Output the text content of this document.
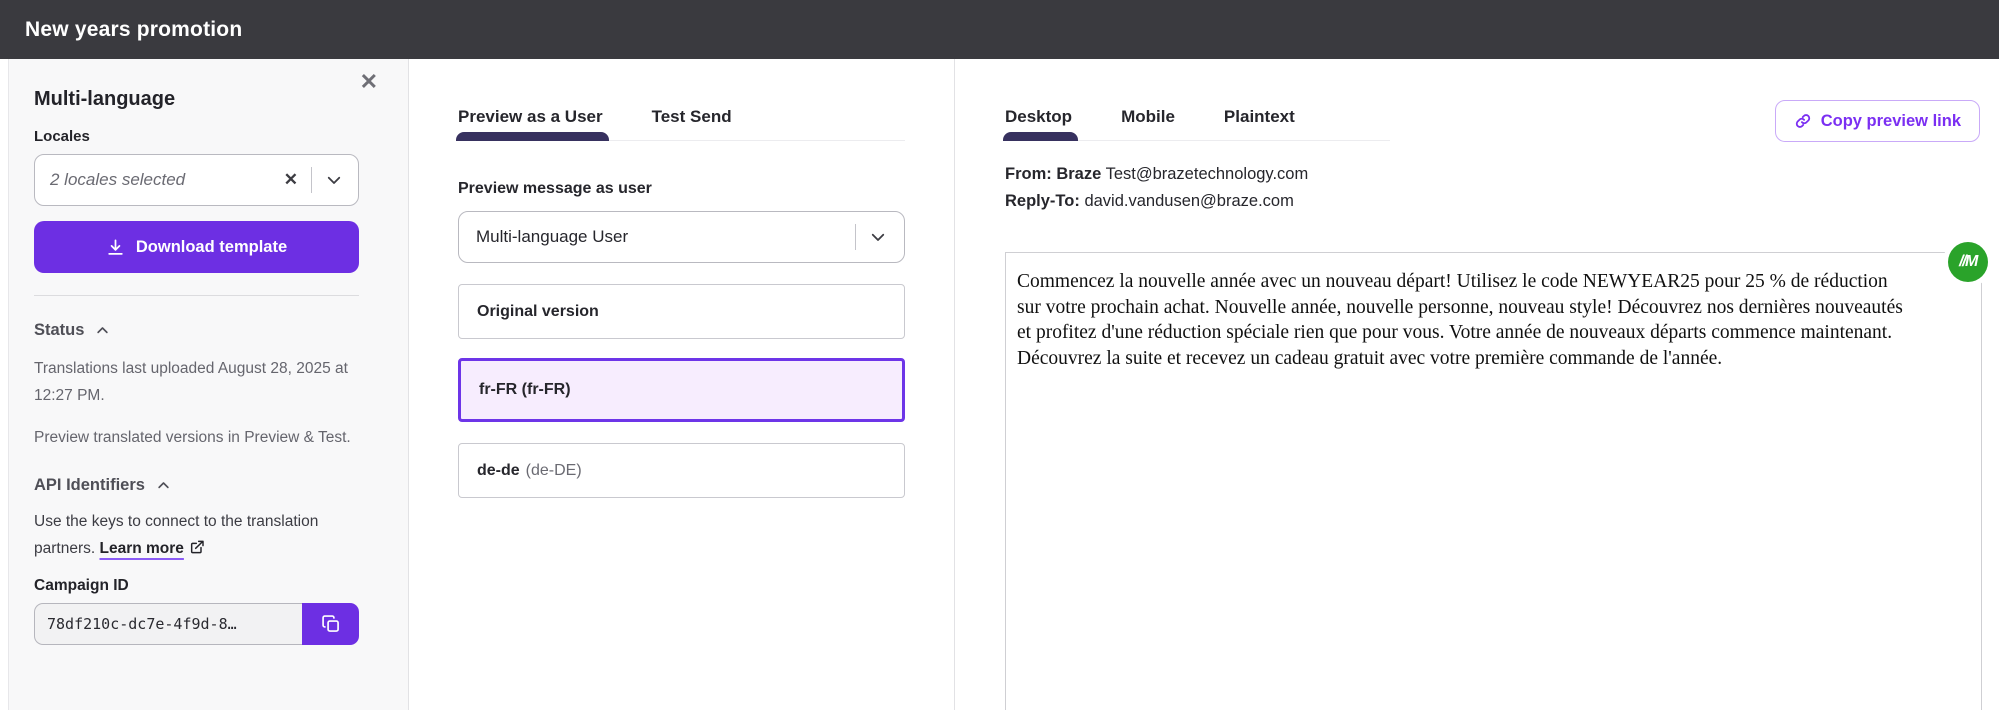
New years promotion
✕
Multi-language
Locales
2 locales selected	✕
Download template
Status

Translations last uploaded August 28, 2025 at 12:27 PM.

Preview translated versions in Preview & Test.

API Identifiers

Use the keys to connect to the translation partners. Learn more

Campaign ID
78df210c-dc7e-4f9d-8…
Preview as a User	Test Send
Preview message as user
Multi-language User
Original version
fr-FR (fr-FR)
de-de (de-DE)
Desktop	Mobile	Plaintext	Copy preview link
From: Braze Test@brazetechnology.com
Reply-To: david.vandusen@braze.com

Commencez la nouvelle année avec un nouveau départ! Utilisez le code NEWYEAR25 pour 25 % de réduction sur votre prochain achat. Nouvelle année, nouvelle personne, nouveau style! Découvrez nos dernières nouveautés et profitez d'une réduction spéciale rien que pour vous. Votre année de nouveaux départs commence maintenant. Découvrez la suite et recevez un cadeau gratuit avec votre première commande de l'année.

//M
